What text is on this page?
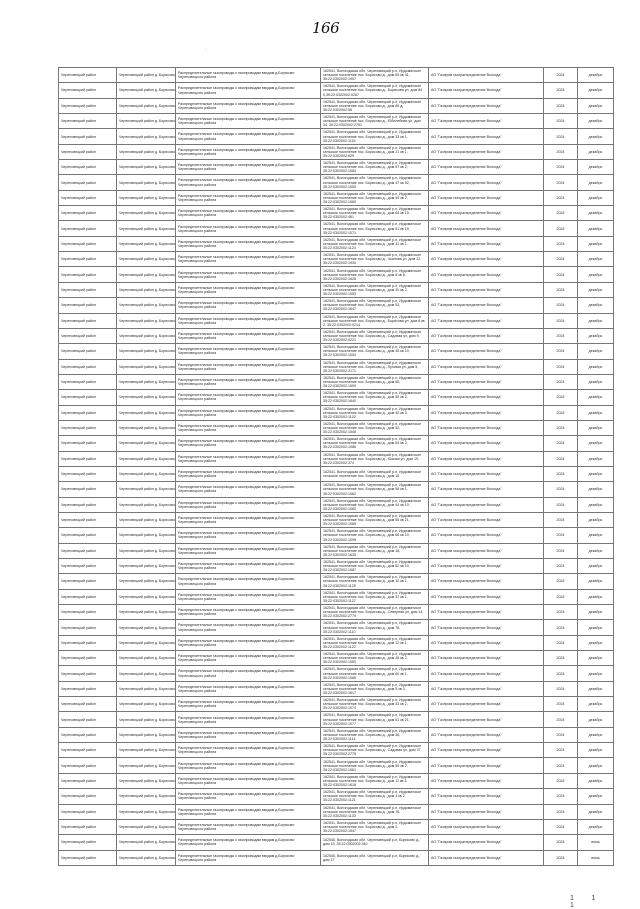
166
·
Череповецкий район	Череповецкий район д. Борисово	Распределительные газопроводы к газопроводам вводам д.Борисово Череповецкого района	162541, Вологодская обл. Череповецкий р-н, Ирдоматское сельское поселение пос. Борисово д., дом 69 кв 41, 35:22:0302002:1907	АО "Газпром газораспределение Вологда"	2024	декабрь
Череповецкий район	Череповецкий район д. Борисово	Распределительные газопроводы к газопроводам вводам д.Борисово Череповецкого района	162541, Вологодская обл. Череповецкий р-н, Ирдоматское сельское поселение пос. Борисово д., Борисова ул, дом 84 0,35:22:0302002:0267	АО "Газпром газораспределение Вологда"	2024	декабрь
Череповецкий район	Череповецкий район д. Борисово	Распределительные газопроводы к газопроводам вводам д.Борисово Череповецкого района	162541, Вологодская обл. Череповецкий р-н, Ирдоматское сельское поселение пос. Борисово д., дом 88 д, 35:22:0302002:58	АО "Газпром газораспределение Вологда"	2024	декабрь
Череповецкий район	Череповецкий район д. Борисово	Распределительные газопроводы к газопроводам вводам д.Борисово Череповецкого района	162541, Вологодская обл. Череповецкий р-н, Ирдоматское сельское поселение пос. Борисово д., Юбилейная ул, дом 34, 35:22:0302002:2791	АО "Газпром газораспределение Вологда"	2024	декабрь
Череповецкий район	Череповецкий район д. Борисово	Распределительные газопроводы к газопроводам вводам д.Борисово Череповецкого района	162541, Вологодская обл. Череповецкий р-н, Ирдоматское сельское поселение пос. Борисово д., дом 33 кв 1, 35:22:0302002:1116	АО "Газпром газораспределение Вологда"	2024	декабрь
Череповецкий район	Череповецкий район д. Борисово	Распределительные газопроводы к газопроводам вводам д.Борисово Череповецкого района	162541, Вологодская обл. Череповецкий р-н, Ирдоматское сельское поселение пос. Борисово д., дом 21 кв 1, 35:22:0302002:629	АО "Газпром газораспределение Вологда"	2024	декабрь
Череповецкий район	Череповецкий район д. Борисово	Распределительные газопроводы к газопроводам вводам д.Борисово Череповецкого района	162541, Вологодская обл. Череповецкий р-н, Ирдоматское сельское поселение пос. Борисово д., дом 57 кв 2, 35:22:0302002:1083	АО "Газпром газораспределение Вологда"	2024	декабрь
Череповецкий район	Череповецкий район д. Борисово	Распределительные газопроводы к газопроводам вводам д.Борисово Череповецкого района	162541, Вологодская обл. Череповецкий р-н, Ирдоматское сельское поселение пос. Борисово д., дом 47 кв 52, 35:22:0302002:1055	АО "Газпром газораспределение Вологда"	2024	декабрь
Череповецкий район	Череповецкий район д. Борисово	Распределительные газопроводы к газопроводам вводам д.Борисово Череповецкого района	162541, Вологодская обл. Череповецкий р-н, Ирдоматское сельское поселение пос. Борисово д., дом 49 кв 2, 35:22:0302002:1060	АО "Газпром газораспределение Вологда"	2024	декабрь
Череповецкий район	Череповецкий район д. Борисово	Распределительные газопроводы к газопроводам вводам д.Борисово Череповецкого района	162541, Вологодская обл. Череповецкий р-н, Ирдоматское сельское поселение пос. Борисово д., дом 64 кв 15, 35:22:0302002:461	АО "Газпром газораспределение Вологда"	2024	декабрь
Череповецкий район	Череповецкий район д. Борисово	Распределительные газопроводы к газопроводам вводам д.Борисово Череповецкого района	162541, Вологодская обл. Череповецкий р-н, Ирдоматское сельское поселение пос. Борисово д., дом 51 кв 19, 35:22:0302002:1071	АО "Газпром газораспределение Вологда"	2024	декабрь
Череповецкий район	Череповецкий район д. Борисово	Распределительные газопроводы к газопроводам вводам д.Борисово Череповецкого района	162541, Вологодская обл. Череповецкий р-н, Ирдоматское сельское поселение пос. Борисово д., дом 31 кв 1, 35:22:0302002:1124	АО "Газпром газораспределение Вологда"	2024	декабрь
Череповецкий район	Череповецкий район д. Борисово	Распределительные газопроводы к газопроводам вводам д.Борисово Череповецкого района	162541, Вологодская обл. Череповецкий р-н, Ирдоматское сельское поселение пос. Борисово д., Чкалова ул, дом 12, 35:22:0302002:1930	АО "Газпром газораспределение Вологда"	2024	декабрь
Череповецкий район	Череповецкий район д. Борисово	Распределительные газопроводы к газопроводам вводам д.Борисово Череповецкого района	162541, Вологодская обл. Череповецкий р-н, Ирдоматское сельское поселение пос. Борисово д., дом 8 кв 8, 35:22:0302002:1628	АО "Газпром газораспределение Вологда"	2024	декабрь
Череповецкий район	Череповецкий район д. Борисово	Распределительные газопроводы к газопроводам вводам д.Борисово Череповецкого района	162541, Вологодская обл. Череповецкий р-н, Ирдоматское сельское поселение пос. Борисово д., дом 30 кв 2, 35:22:0302002:1053	АО "Газпром газораспределение Вологда"	2024	декабрь
Череповецкий район	Череповецкий район д. Борисово	Распределительные газопроводы к газопроводам вводам д.Борисово Череповецкого района	162541, Вологодская обл. Череповецкий р-н, Ирдоматское сельское поселение пос. Борисово д., дом 53, 35:22:0302002:1647	АО "Газпром газораспределение Вологда"	2024	декабрь
Череповецкий район	Череповецкий район д. Борисово	Распределительные газопроводы к газопроводам вводам д.Борисово Череповецкого района	162541, Вологодская обл. Череповецкий р-н, Ирдоматское сельское поселение пос. Борисово д., Борисова ул, дом 8 кв 2, 35:22:0302002:0214	АО "Газпром газораспределение Вологда"	2024	декабрь
Череповецкий район	Череповецкий район д. Борисово	Распределительные газопроводы к газопроводам вводам д.Борисово Череповецкого района	162541, Вологодская обл. Череповецкий р-н, Ирдоматское сельское поселение пос. Борисово д., Садовая ул, дом 9, 35:22:0302002:0221	АО "Газпром газораспределение Вологда"	2024	декабрь
Череповецкий район	Череповецкий район д. Борисово	Распределительные газопроводы к газопроводам вводам д.Борисово Череповецкого района	162541, Вологодская обл. Череповецкий р-н, Ирдоматское сельское поселение пос. Борисово д., дом 45 кв 10, 35:22:0302002:1054	АО "Газпром газораспределение Вологда"	2024	декабрь
Череповецкий район	Череповецкий район д. Борисово	Распределительные газопроводы к газопроводам вводам д.Борисово Череповецкого района	162541, Вологодская обл. Череповецкий р-н, Ирдоматское сельское поселение пос. Борисово д., Луговая ул, дом 5, 35:22:0302002:2171	АО "Газпром газораспределение Вологда"	2024	декабрь
Череповецкий район	Череповецкий район д. Борисово	Распределительные газопроводы к газопроводам вводам д.Борисово Череповецкого района	162541, Вологодская обл. Череповецкий р-н, Ирдоматское сельское поселение пос. Борисово д., дом 65, 35:22:0302002:1590	АО "Газпром газораспределение Вологда"	2024	декабрь
Череповецкий район	Череповецкий район д. Борисово	Распределительные газопроводы к газопроводам вводам д.Борисово Череповецкого района	162541, Вологодская обл. Череповецкий р-н, Ирдоматское сельское поселение пос. Борисово д., дом 55 кв 2, 35:22:0302002:1640	АО "Газпром газораспределение Вологда"	2024	декабрь
Череповецкий район	Череповецкий район д. Борисово	Распределительные газопроводы к газопроводам вводам д.Борисово Череповецкого района	162541, Вологодская обл. Череповецкий р-н, Ирдоматское сельское поселение пос. Борисово д., дом 40 кв 3, 35:22:0302002:1102	АО "Газпром газораспределение Вологда"	2024	декабрь
Череповецкий район	Череповецкий район д. Борисово	Распределительные газопроводы к газопроводам вводам д.Борисово Череповецкого района	162541, Вологодская обл. Череповецкий р-н, Ирдоматское сельское поселение пос. Борисово д., дом 52, 35:22:0302002:1546	АО "Газпром газораспределение Вологда"	2024	декабрь
Череповецкий район	Череповецкий район д. Борисово	Распределительные газопроводы к газопроводам вводам д.Борисово Череповецкого района	162541, Вологодская обл. Череповецкий р-н, Ирдоматское сельское поселение пос. Борисово д., дом 54 кв 2, 35:22:0302002:1086	АО "Газпром газораспределение Вологда"	2024	декабрь
Череповецкий район	Череповецкий район д. Борисово	Распределительные газопроводы к газопроводам вводам д.Борисово Череповецкого района	162541, Вологодская обл. Череповецкий р-н, Ирдоматское сельское поселение пос. Борисово д., Южная ул, дом 19, 35:22:0302002:374	АО "Газпром газораспределение Вологда"	2024	декабрь
Череповецкий район	Череповецкий район д. Борисово	Распределительные газопроводы к газопроводам вводам д.Борисово Череповецкого района	162541, Вологодская обл. Череповецкий р-н, Ирдоматское сельское поселение пос. Борисово д., дом 16	АО "Газпром газораспределение Вологда"	2024	декабрь
Череповецкий район	Череповецкий район д. Борисово	Распределительные газопроводы к газопроводам вводам д.Борисово Череповецкого района	162541, Вологодская обл. Череповецкий р-н, Ирдоматское сельское поселение пос. Борисово д., дом 58 кв 1, 35:22:0302002:1062	АО "Газпром газораспределение Вологда"	2024	декабрь
Череповецкий район	Череповецкий район д. Борисово	Распределительные газопроводы к газопроводам вводам д.Борисово Череповецкого района	162541, Вологодская обл. Череповецкий р-н, Ирдоматское сельское поселение пос. Борисово д., дом 44 кв 10, 35:22:0302002:1082	АО "Газпром газораспределение Вологда"	2024	декабрь
Череповецкий район	Череповецкий район д. Борисово	Распределительные газопроводы к газопроводам вводам д.Борисово Череповецкого района	162541, Вологодская обл. Череповецкий р-н, Ирдоматское сельское поселение пос. Борисово д., дом 56 кв 21, 35:22:0302002:1085	АО "Газпром газораспределение Вологда"	2024	декабрь
Череповецкий район	Череповецкий район д. Борисово	Распределительные газопроводы к газопроводам вводам д.Борисово Череповецкого района	162541, Вологодская обл. Череповецкий р-н, Ирдоматское сельское поселение пос. Борисово д., дом 66 кв 10, 35:22:0302002:1095	АО "Газпром газораспределение Вологда"	2024	декабрь
Череповецкий район	Череповецкий район д. Борисово	Распределительные газопроводы к газопроводам вводам д.Борисово Череповецкого района	162541, Вологодская обл. Череповецкий р-н, Ирдоматское сельское поселение пос. Борисово д., дом 18, 35:22:0302002:1635	АО "Газпром газораспределение Вологда"	2024	декабрь
Череповецкий район	Череповецкий район д. Борисово	Распределительные газопроводы к газопроводам вводам д.Борисово Череповецкого района	162541, Вологодская обл. Череповецкий р-н, Ирдоматское сельское поселение пос. Борисово д., дом 62 кв 10, 35:22:0302002:1087	АО "Газпром газораспределение Вологда"	2024	декабрь
Череповецкий район	Череповецкий район д. Борисово	Распределительные газопроводы к газопроводам вводам д.Борисово Череповецкого района	162541, Вологодская обл. Череповецкий р-н, Ирдоматское сельское поселение пос. Борисово д., дом 10 кв 1, 35:22:0302002:1125	АО "Газпром газораспределение Вологда"	2024	декабрь
Череповецкий район	Череповецкий район д. Борисово	Распределительные газопроводы к газопроводам вводам д.Борисово Череповецкого района	162541, Вологодская обл. Череповецкий р-н, Ирдоматское сельское поселение пос. Борисово д., дом 37 кв 1, 35:22:0302002:1127	АО "Газпром газораспределение Вологда"	2024	декабрь
Череповецкий район	Череповецкий район д. Борисово	Распределительные газопроводы к газопроводам вводам д.Борисово Череповецкого района	162541, Вологодская обл. Череповецкий р-н, Ирдоматское сельское поселение пос. Борисово д., Северная ул, дом 14, 35:22:0302002:2779	АО "Газпром газораспределение Вологда"	2024	декабрь
Череповецкий район	Череповецкий район д. Борисово	Распределительные газопроводы к газопроводам вводам д.Борисово Череповецкого района	162541, Вологодская обл. Череповецкий р-н, Ирдоматское сельское поселение пос. Борисово д., дом 78, 35:22:0302002:1110	АО "Газпром газораспределение Вологда"	2024	декабрь
Череповецкий район	Череповецкий район д. Борисово	Распределительные газопроводы к газопроводам вводам д.Борисово Череповецкого района	162541, Вологодская обл. Череповецкий р-н, Ирдоматское сельское поселение пос. Борисово д., дом 12 кв 1, 35:22:0302002:1122	АО "Газпром газораспределение Вологда"	2024	декабрь
Череповецкий район	Череповецкий район д. Борисово	Распределительные газопроводы к газопроводам вводам д.Борисово Череповецкого района	162541, Вологодская обл. Череповецкий р-н, Ирдоматское сельское поселение пос. Борисово д., дом 48 кв 2, 35:22:0302002:1050	АО "Газпром газораспределение Вологда"	2024	декабрь
Череповецкий район	Череповецкий район д. Борисово	Распределительные газопроводы к газопроводам вводам д.Борисово Череповецкого района	162541, Вологодская обл. Череповецкий р-н, Ирдоматское сельское поселение пос. Борисово д., дом 60 кв 1, 35:22:0302002:1066	АО "Газпром газораспределение Вологда"	2024	декабрь
Череповецкий район	Череповецкий район д. Борисово	Распределительные газопроводы к газопроводам вводам д.Борисово Череповецкого района	162541, Вологодская обл. Череповецкий р-н, Ирдоматское сельское поселение пос. Борисово д., дом 5 кв 3, 35:22:0302002:1617	АО "Газпром газораспределение Вологда"	2024	декабрь
Череповецкий район	Череповецкий район д. Борисово	Распределительные газопроводы к газопроводам вводам д.Борисово Череповецкого района	162541, Вологодская обл. Череповецкий р-н, Ирдоматское сельское поселение пос. Борисово д., дом 43 кв 2, 35:22:0302002:1074	АО "Газпром газораспределение Вологда"	2024	декабрь
Череповецкий район	Череповецкий район д. Борисово	Распределительные газопроводы к газопроводам вводам д.Борисово Череповецкого района	162541, Вологодская обл. Череповецкий р-н, Ирдоматское сельское поселение пос. Борисово д., дом 61 кв 21, 35:22:0302002:1077	АО "Газпром газораспределение Вологда"	2024	декабрь
Череповецкий район	Череповецкий район д. Борисово	Распределительные газопроводы к газопроводам вводам д.Борисово Череповецкого района	162541, Вологодская обл. Череповецкий р-н, Ирдоматское сельское поселение пос. Борисово д., дом 36, 35:22:0302002:1114	АО "Газпром газораспределение Вологда"	2024	декабрь
Череповецкий район	Череповецкий район д. Борисово	Распределительные газопроводы к газопроводам вводам д.Борисово Череповецкого района	162541, Вологодская обл. Череповецкий р-н, Ирдоматское сельское поселение пос. Борисово д., Садовая ул, дом 37, 35:22:0302002:2775	АО "Газпром газораспределение Вологда"	2024	декабрь
Череповецкий район	Череповецкий район д. Борисово	Распределительные газопроводы к газопроводам вводам д.Борисово Череповецкого района	162541, Вологодская обл. Череповецкий р-н, Ирдоматское сельское поселение пос. Борисово д., дом 59 кв 2, 35:22:0302002:1061	АО "Газпром газораспределение Вологда"	2024	декабрь
Череповецкий район	Череповецкий район д. Борисово	Распределительные газопроводы к газопроводам вводам д.Борисово Череповецкого района	162541, Вологодская обл. Череповецкий р-н, Ирдоматское сельское поселение пос. Борисово д., дом 11 кв 3, 35:22:0302002:1618	АО "Газпром газораспределение Вологда"	2024	декабрь
Череповецкий район	Череповецкий район д. Борисово	Распределительные газопроводы к газопроводам вводам д.Борисово Череповецкого района	162541, Вологодская обл. Череповецкий р-н, Ирдоматское сельское поселение пос. Борисово д., дом 4 кв 2, 35:22:0302002:1121	АО "Газпром газораспределение Вологда"	2024	декабрь
Череповецкий район	Череповецкий район д. Борисово	Распределительные газопроводы к газопроводам вводам д.Борисово Череповецкого района	162541, Вологодская обл. Череповецкий р-н, Ирдоматское сельское поселение пос. Борисово д., дом 76, 35:22:0302002:1130	АО "Газпром газораспределение Вологда"	2024	декабрь
Череповецкий район	Череповецкий район д. Борисово	Распределительные газопроводы к газопроводам вводам д.Борисово Череповецкого района	162541, Вологодская обл. Череповецкий р-н, Ирдоматское сельское поселение пос. Борисово д., дом 2, 35:22:0302002:1547	АО "Газпром газораспределение Вологда"	2024	декабрь
Череповецкий район	Череповецкий район д. Борисово	Распределительные газопроводы к газопроводам вводам д.Борисово Череповецкого района	162545, Вологодская обл. Череповецкий р-н, Борисово д., дом 15, 35:22:0302002:340	АО "Газпром газораспределение Вологда"	2024	июнь
Череповецкий район	Череповецкий район д. Борисово	Распределительные газопроводы к газопроводам вводам д.Борисово Череповецкого района	162545, Вологодская обл. Череповецкий р-н, Борисово д., дом 17	АО "Газпром газораспределение Вологда"	2024	июнь
11 1
